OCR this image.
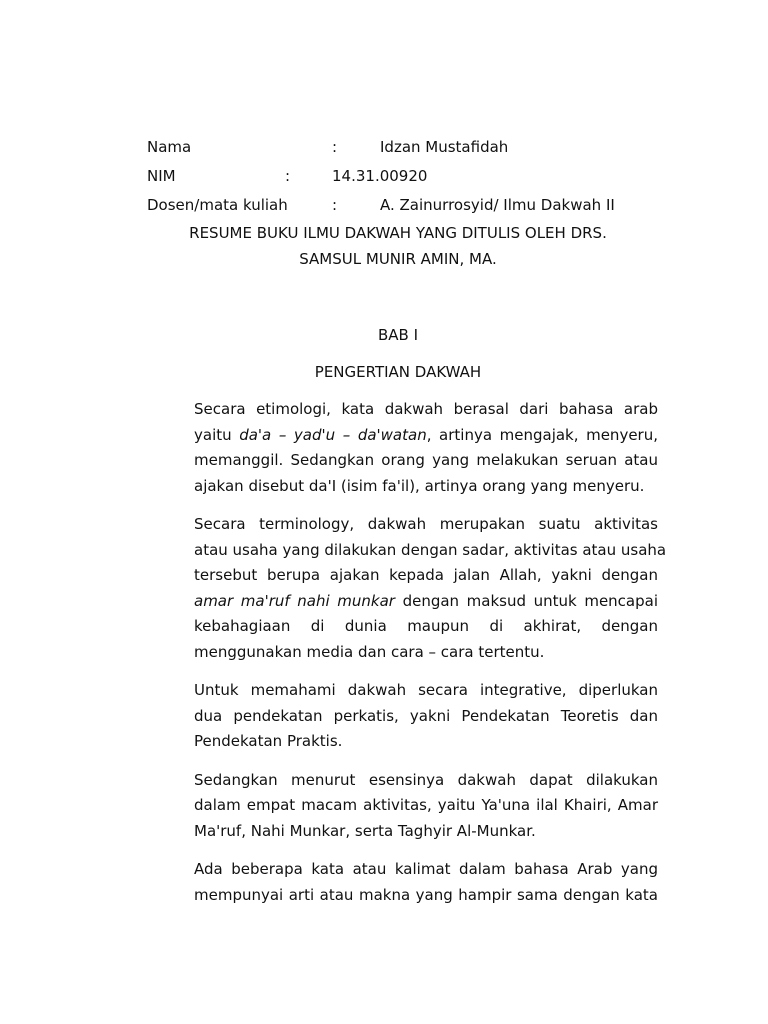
Nama	:	Idzan Mustafidah
NIM	:	14.31.00920
Dosen/mata kuliah	:	A. Zainurrosyid/ Ilmu Dakwah II
RESUME BUKU ILMU DAKWAH YANG DITULIS OLEH DRS.
SAMSUL MUNIR AMIN, MA.
BAB I
PENGERTIAN DAKWAH
Secara etimologi, kata dakwah berasal dari bahasa arab
yaitu da'a – yad'u – da'watan, artinya mengajak, menyeru,
memanggil. Sedangkan orang yang melakukan seruan atau
ajakan disebut da'I (isim fa'il), artinya orang yang menyeru.
Secara terminology, dakwah merupakan suatu aktivitas
atau usaha yang dilakukan dengan sadar, aktivitas atau usaha
tersebut berupa ajakan kepada jalan Allah, yakni dengan
amar ma'ruf nahi munkar dengan maksud untuk mencapai
kebahagiaan di dunia maupun di akhirat, dengan
menggunakan media dan cara – cara tertentu.
Untuk memahami dakwah secara integrative, diperlukan
dua pendekatan perkatis, yakni Pendekatan Teoretis dan
Pendekatan Praktis.
Sedangkan menurut esensinya dakwah dapat dilakukan
dalam empat macam aktivitas, yaitu Ya'una ilal Khairi, Amar
Ma'ruf, Nahi Munkar, serta Taghyir Al-Munkar.
Ada beberapa kata atau kalimat dalam bahasa Arab yang
mempunyai arti atau makna yang hampir sama dengan kata
